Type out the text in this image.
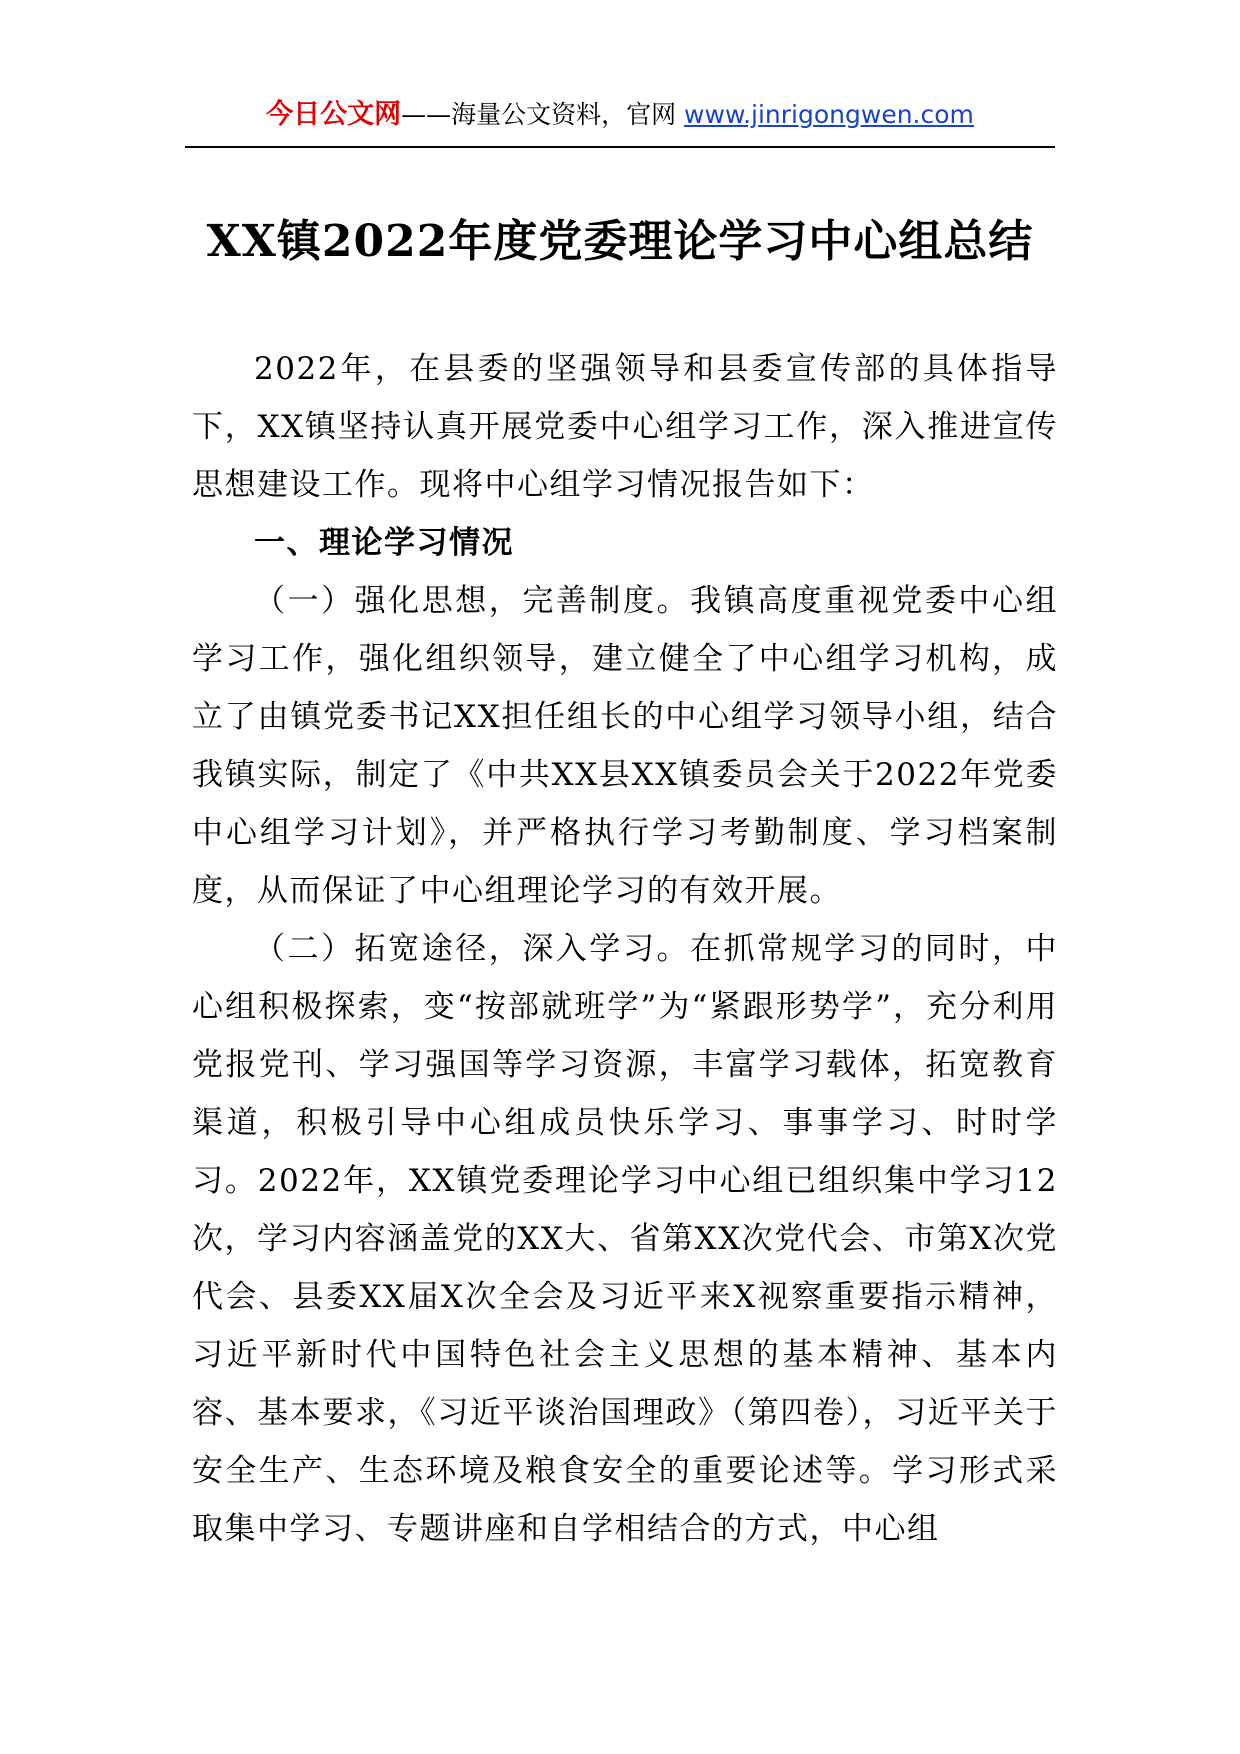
今日公文网——海量公文资料，官网 www.jinrigongwen.com
XX镇2022年度党委理论学习中心组总结

2022年，在县委的坚强领导和县委宣传部的具体指导下，XX镇坚持认真开展党委中心组学习工作，深入推进宣传思想建设工作。现将中心组学习情况报告如下：

一、理论学习情况

（一）强化思想，完善制度。我镇高度重视党委中心组学习工作，强化组织领导，建立健全了中心组学习机构，成立了由镇党委书记XX担任组长的中心组学习领导小组，结合我镇实际，制定了《中共XX县XX镇委员会关于2022年党委中心组学习计划》，并严格执行学习考勤制度、学习档案制度，从而保证了中心组理论学习的有效开展。

（二）拓宽途径，深入学习。在抓常规学习的同时，中心组积极探索，变“按部就班学”为“紧跟形势学”，充分利用党报党刊、学习强国等学习资源，丰富学习载体，拓宽教育渠道，积极引导中心组成员快乐学习、事事学习、时时学习。2022年，XX镇党委理论学习中心组已组织集中学习12次，学习内容涵盖党的XX大、省第XX次党代会、市第X次党代会、县委XX届X次全会及习近平来X视察重要指示精神，习近平新时代中国特色社会主义思想的基本精神、基本内容、基本要求，《习近平谈治国理政》（第四卷），习近平关于安全生产、生态环境及粮食安全的重要论述等。学习形式采取集中学习、专题讲座和自学相结合的方式，中心组
